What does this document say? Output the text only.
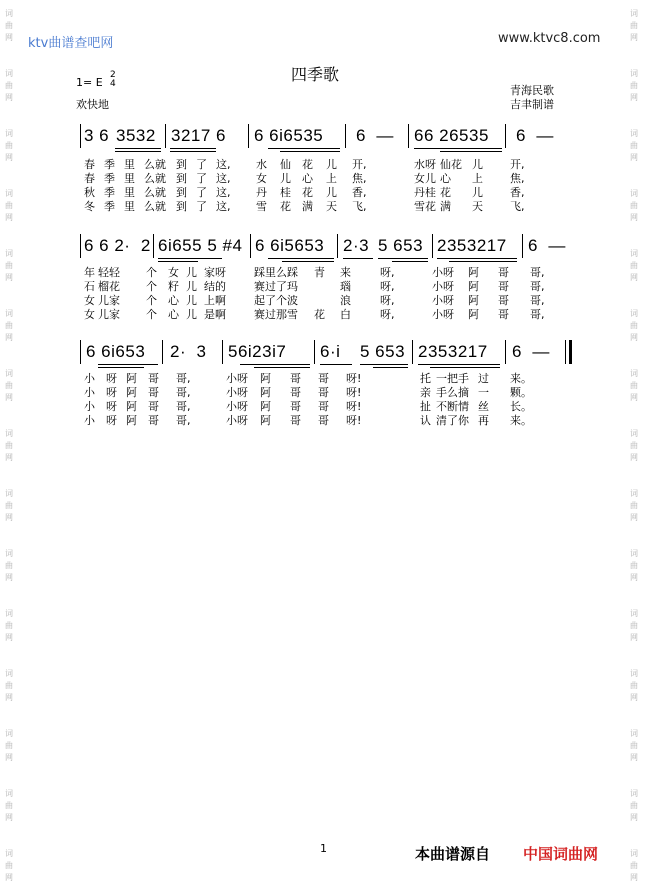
词
曲
网
词
曲
网
词
曲
网
词
曲
网
词
曲
网
词
曲
网
词
曲
网
词
曲
网
词
曲
网
词
曲
网
词
曲
网
词
曲
网
词
曲
网
词
曲
网
词
曲
网
词
曲
网
词
曲
网
词
曲
网
词
曲
网
词
曲
网
词
曲
网
词
曲
网
词
曲
网
词
曲
网
词
曲
网
词
曲
网
词
曲
网
词
曲
网
词
曲
网
词
曲
网
ktv曲谱查吧网	www.ktvc8.com
四季歌
1= E
2
4
欢快地
青海民歌
吉聿制谱
3 6 3532 3217 6 6 6i6535 6  — 66 26535 6  —
春 季 里 么就 到 了 这, 水 仙 花 儿 开,	水呀 仙花 儿 开,
春 季 里 么就 到 了 这, 女 儿 心 上 焦,	女儿 心 上 焦,
秋 季 里 么就 到 了 这, 丹 桂 花 儿 香,	丹桂 花 儿 香,
冬 季 里 么就 到 了 这, 雪 花 满 天 飞,	雪花 满 天 飞,
6 6 2·  2 6i655 5 #4 6 6i5653 2·3 5 653 2353217 6  —
年 轻轻 个 女 儿 家呀	踩里么踩 青 来	呀,	小呀 阿 哥 哥,
石 榴花 个 籽 儿 结的	赛过了玛	瑙	呀,	小呀 阿 哥 哥,
女 儿家 个 心 儿 上啊	起了个波	浪	呀,	小呀 阿 哥 哥,
女 儿家 个 心 儿 是啊	赛过那雪 花 白	呀,	小呀 阿 哥 哥,
6 6i653 2·  3 56i23i7 6·i 5 653 2353217 6  —
小 呀 阿 哥 哥,	小呀 阿 哥 哥 呀!	托 一把手 过 来。
小 呀 阿 哥 哥,	小呀 阿 哥 哥 呀!	亲 手么摘 一 颗。
小 呀 阿 哥 哥,	小呀 阿 哥 哥 呀!	扯 不断情 丝 长。
小 呀 阿 哥 哥,	小呀 阿 哥 哥 呀!	认 清了你 再 来。
1	本曲谱源自 中国词曲网
